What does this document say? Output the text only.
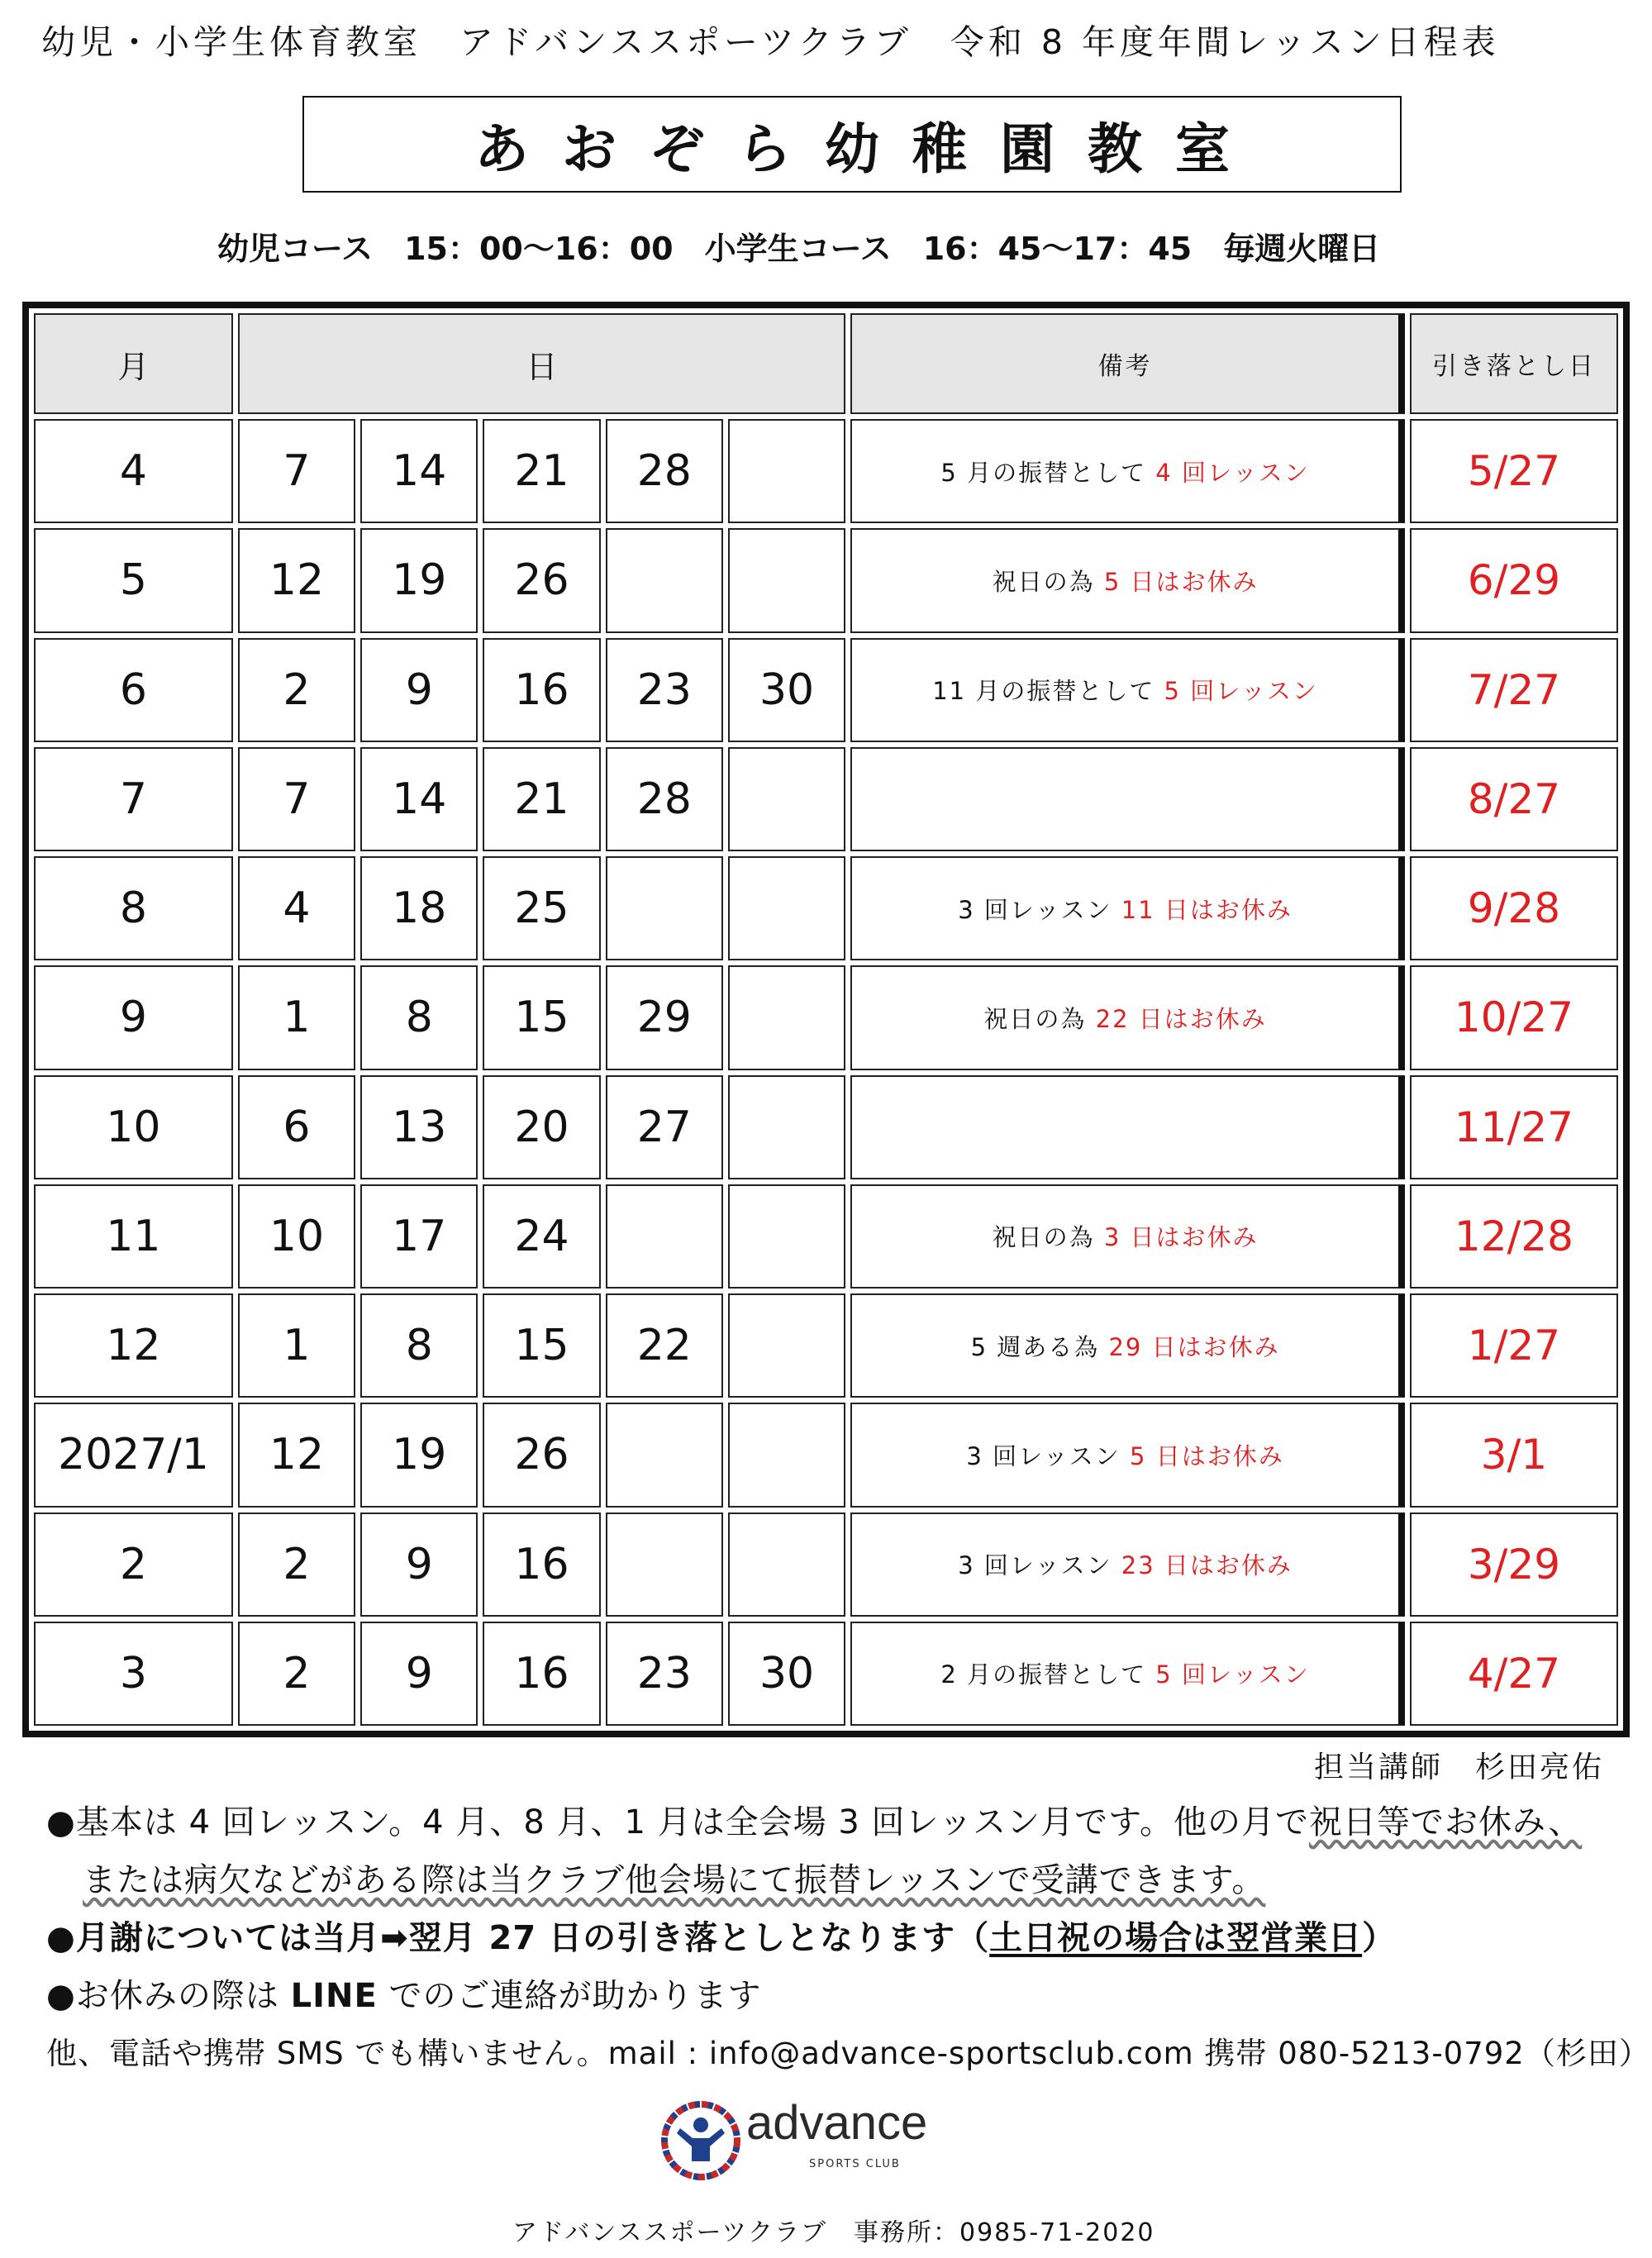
幼児・小学生体育教室　アドバンススポーツクラブ　令和 8 年度年間レッスン日程表
あおぞら幼稚園教室
幼児コース　15：00～16：00　小学生コース　16：45～17：45　毎週火曜日
月	日					備考	引き落とし日
4	7	14	21	28		5 月の振替として 4 回レッスン	5/27
5	12	19	26			祝日の為 5 日はお休み	6/29
6	2	9	16	23	30	11 月の振替として 5 回レッスン	7/27
7	7	14	21	28			8/27
8	4	18	25			3 回レッスン 11 日はお休み	9/28
9	1	8	15	29		祝日の為 22 日はお休み	10/27
10	6	13	20	27			11/27
11	10	17	24			祝日の為 3 日はお休み	12/28
12	1	8	15	22		5 週ある為 29 日はお休み	1/27
2027/1	12	19	26			3 回レッスン 5 日はお休み	3/1
2	2	9	16			3 回レッスン 23 日はお休み	3/29
3	2	9	16	23	30	2 月の振替として 5 回レッスン	4/27
担当講師　杉田亮佑

●基本は 4 回レッスン。4 月、8 月、1 月は全会場 3 回レッスン月です。他の月で祝日等でお休み、

または病欠などがある際は当クラブ他会場にて振替レッスンで受講できます。

●月謝については当月➡翌月 27 日の引き落としとなります（土日祝の場合は翌営業日）

●お休みの際は LINE でのご連絡が助かります

他、電話や携帯 SMS でも構いません。mail : info@advance-sportsclub.com 携帯 080-5213-0792（杉田）

advance
SPORTS CLUB
アドバンススポーツクラブ　事務所：0985-71-2020
